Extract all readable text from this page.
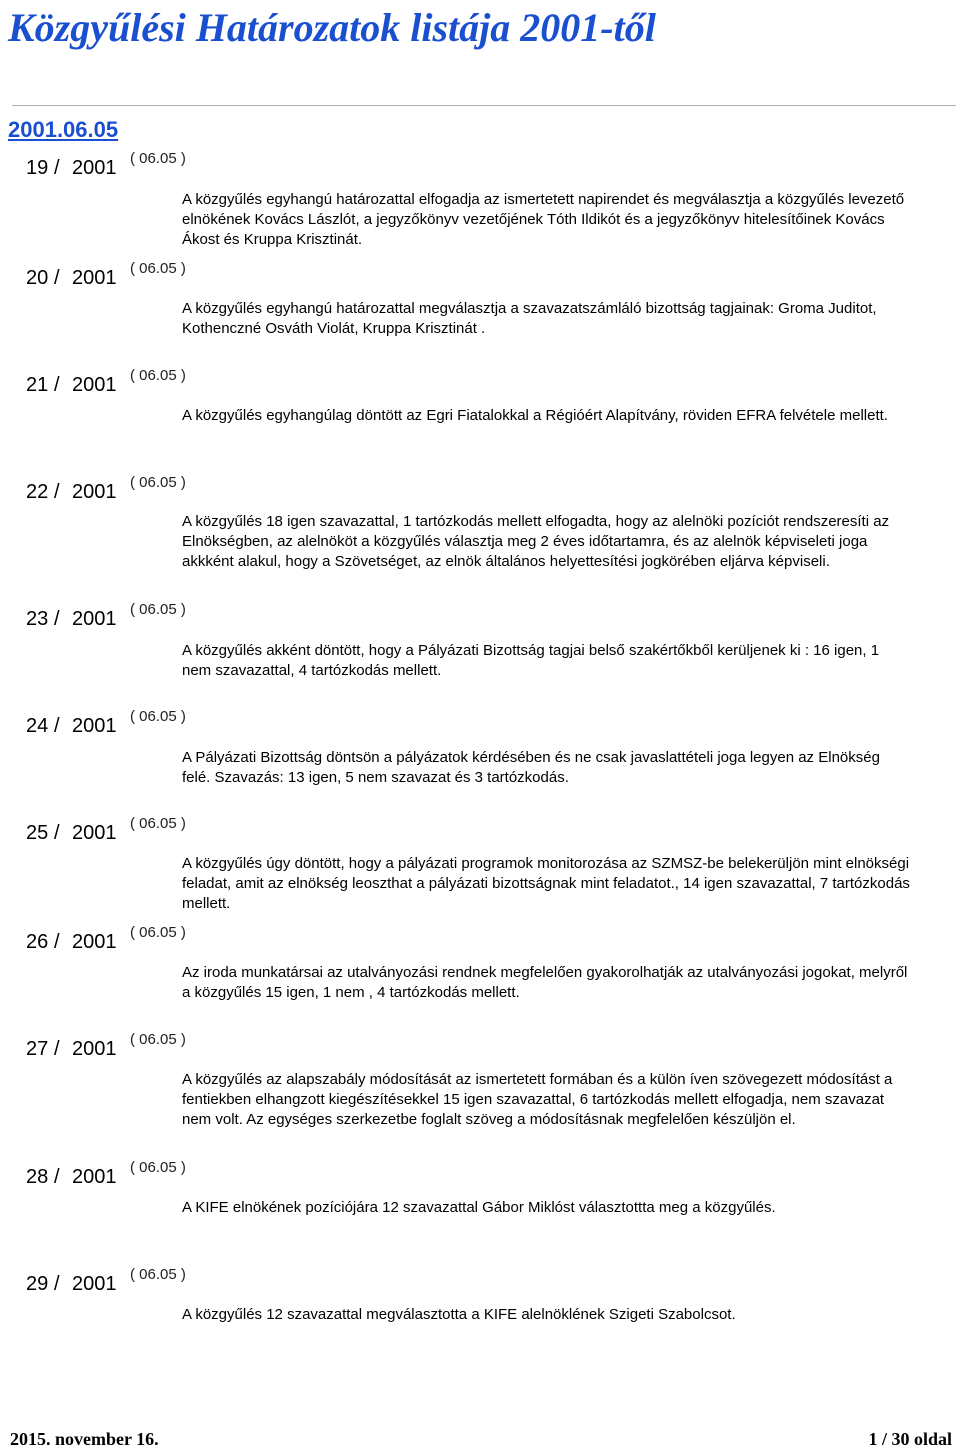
Közgyűlési Határozatok listája 2001-től
2001.06.05
19 / 2001 ( 06.05 )

A közgyűlés egyhangú határozattal elfogadja az ismertetett napirendet és megválasztja a közgyűlés levezető elnökének Kovács Lászlót, a jegyzőkönyv vezetőjének Tóth Ildikót és a jegyzőkönyv hitelesítőinek Kovács Ákost és Kruppa Krisztinát.

20 / 2001 ( 06.05 )

A közgyűlés egyhangú határozattal megválasztja a szavazatszámláló bizottság tagjainak: Groma Juditot, Kothenczné Osváth Violát, Kruppa Krisztinát .

21 / 2001 ( 06.05 )

A közgyűlés egyhangúlag döntött az Egri Fiatalokkal a Régióért Alapítvány, röviden EFRA felvétele mellett.

22 / 2001 ( 06.05 )

A közgyűlés 18 igen szavazattal, 1 tartózkodás mellett elfogadta, hogy az alelnöki pozíciót rendszeresíti az Elnökségben, az alelnököt a közgyűlés választja meg 2 éves időtartamra, és az alelnök képviseleti joga akkként alakul, hogy a Szövetséget, az elnök általános helyettesítési jogkörében eljárva képviseli.

23 / 2001 ( 06.05 )

A közgyűlés akként döntött, hogy a Pályázati Bizottság tagjai belső szakértőkből kerüljenek ki : 16 igen, 1 nem szavazattal, 4 tartózkodás mellett.

24 / 2001 ( 06.05 )

A Pályázati Bizottság döntsön a pályázatok kérdésében és ne csak javaslattételi joga legyen az Elnökség felé. Szavazás: 13 igen, 5 nem szavazat és 3 tartózkodás.

25 / 2001 ( 06.05 )

A közgyűlés úgy döntött, hogy a pályázati programok monitorozása az SZMSZ-be belekerüljön mint elnökségi feladat, amit az elnökség leoszthat a pályázati bizottságnak mint feladatot., 14 igen szavazattal, 7 tartózkodás mellett.

26 / 2001 ( 06.05 )

Az iroda munkatársai az utalványozási rendnek megfelelően gyakorolhatják az utalványozási jogokat, melyről a közgyűlés 15 igen, 1 nem , 4 tartózkodás mellett.

27 / 2001 ( 06.05 )

A közgyűlés az alapszabály módosítását az ismertetett formában és a külön íven szövegezett módosítást a fentiekben elhangzott kiegészítésekkel 15 igen szavazattal, 6 tartózkodás mellett elfogadja, nem szavazat nem volt. Az egységes szerkezetbe foglalt szöveg a módosításnak megfelelően készüljön el.

28 / 2001 ( 06.05 )

A KIFE elnökének pozíciójára 12 szavazattal Gábor Miklóst választottta meg a közgyűlés.

29 / 2001 ( 06.05 )

A közgyűlés 12 szavazattal megválasztotta a KIFE alelnöklének Szigeti Szabolcsot.

2015. november 16.	1 / 30 oldal
